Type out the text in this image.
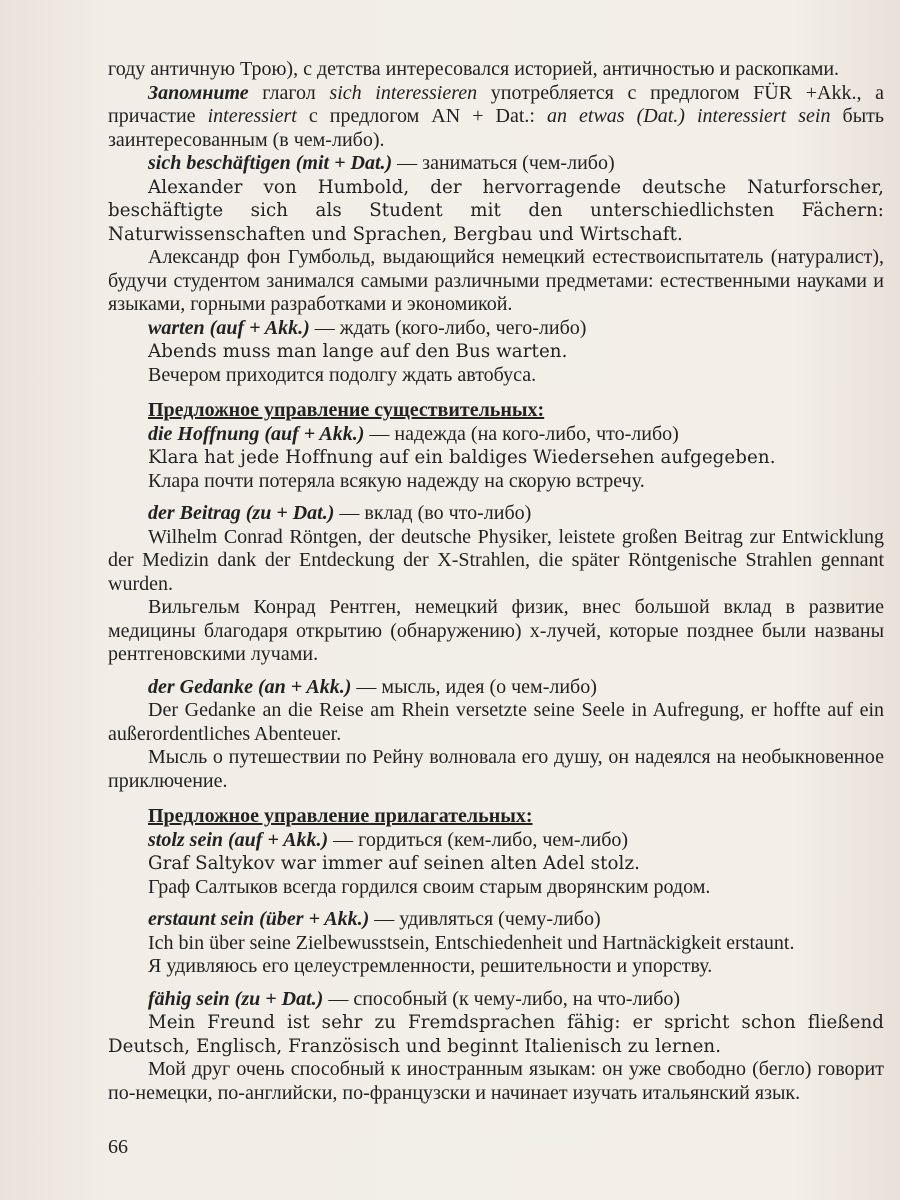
году античную Трою), с детства интересовался историей, античностью и раскопками.

Запомните глагол sich interessieren употребляется с предлогом FÜR +Akk., а причастие interessiert с предлогом AN + Dat.: an etwas (Dat.) interessiert sein быть заинтересованным (в чем-либо).

sich beschäftigen (mit + Dat.) — заниматься (чем-либо)

Alexander von Humbold, der hervorragende deutsche Naturforscher, beschäftigte sich als Student mit den unterschiedlichsten Fächern: Naturwissenschaften und Sprachen, Bergbau und Wirtschaft.

Александр фон Гумбольд, выдающийся немецкий естествоиспытатель (натуралист), будучи студентом занимался самыми различными предметами: естественными науками и языками, горными разработками и экономикой.

warten (auf + Akk.) — ждать (кого-либо, чего-либо)

Abends muss man lange auf den Bus warten.

Вечером приходится подолгу ждать автобуса.

Предложное управление существительных:

die Hoffnung (auf + Akk.) — надежда (на кого-либо, что-либо)

Klara hat jede Hoffnung auf ein baldiges Wiedersehen aufgegeben.

Клара почти потеряла всякую надежду на скорую встречу.

der Beitrag (zu + Dat.) — вклад (во что-либо)

Wilhelm Conrad Röntgen, der deutsche Physiker, leistete großen Beitrag zur Entwicklung der Medizin dank der Entdeckung der X-Strahlen, die später Röntgenische Strahlen gennant wurden.

Вильгельм Конрад Рентген, немецкий физик, внес большой вклад в развитие медицины благодаря открытию (обнаружению) х-лучей, которые позднее были названы рентгеновскими лучами.

der Gedanke (an + Akk.) — мысль, идея (о чем-либо)

Der Gedanke an die Reise am Rhein versetzte seine Seele in Aufregung, er hoffte auf ein außerordentliches Abenteuer.

Мысль о путешествии по Рейну волновала его душу, он надеялся на необыкновенное приключение.

Предложное управление прилагательных:

stolz sein (auf + Akk.) — гордиться (кем-либо, чем-либо)

Graf Saltykov war immer auf seinen alten Adel stolz.

Граф Салтыков всегда гордился своим старым дворянским родом.

erstaunt sein (über + Akk.) — удивляться (чему-либо)

Ich bin über seine Zielbewusstsein, Entschiedenheit und Hartnäckigkeit erstaunt.

Я удивляюсь его целеустремленности, решительности и упорству.

fähig sein (zu + Dat.) — способный (к чему-либо, на что-либо)

Mein Freund ist sehr zu Fremdsprachen fähig: er spricht schon fließend Deutsch, Englisch, Französisch und beginnt Italienisch zu lernen.

Мой друг очень способный к иностранным языкам: он уже свободно (бегло) говорит по-немецки, по-английски, по-французски и начинает изучать итальянский язык.

66
